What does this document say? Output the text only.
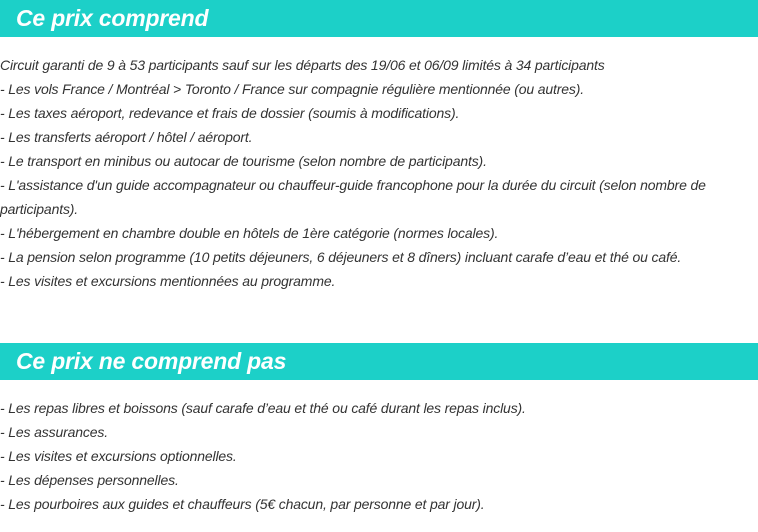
Ce prix comprend
Circuit garanti de 9 à 53 participants sauf sur les départs des 19/06 et 06/09 limités à 34 participants
- Les vols France / Montréal > Toronto / France sur compagnie régulière mentionnée (ou autres).
- Les taxes aéroport, redevance et frais de dossier (soumis à modifications).
- Les transferts aéroport / hôtel / aéroport.
- Le transport en minibus ou autocar de tourisme (selon nombre de participants).
- L'assistance d'un guide accompagnateur ou chauffeur-guide francophone pour la durée du circuit (selon nombre de participants).
- L'hébergement en chambre double en hôtels de 1ère catégorie (normes locales).
- La pension selon programme (10 petits déjeuners, 6 déjeuners et 8 dîners) incluant carafe d’eau et thé ou café.
- Les visites et excursions mentionnées au programme.
Ce prix ne comprend pas
- Les repas libres et boissons (sauf carafe d’eau et thé ou café durant les repas inclus).
- Les assurances.
- Les visites et excursions optionnelles.
- Les dépenses personnelles.
- Les pourboires aux guides et chauffeurs (5€ chacun, par personne et par jour).
